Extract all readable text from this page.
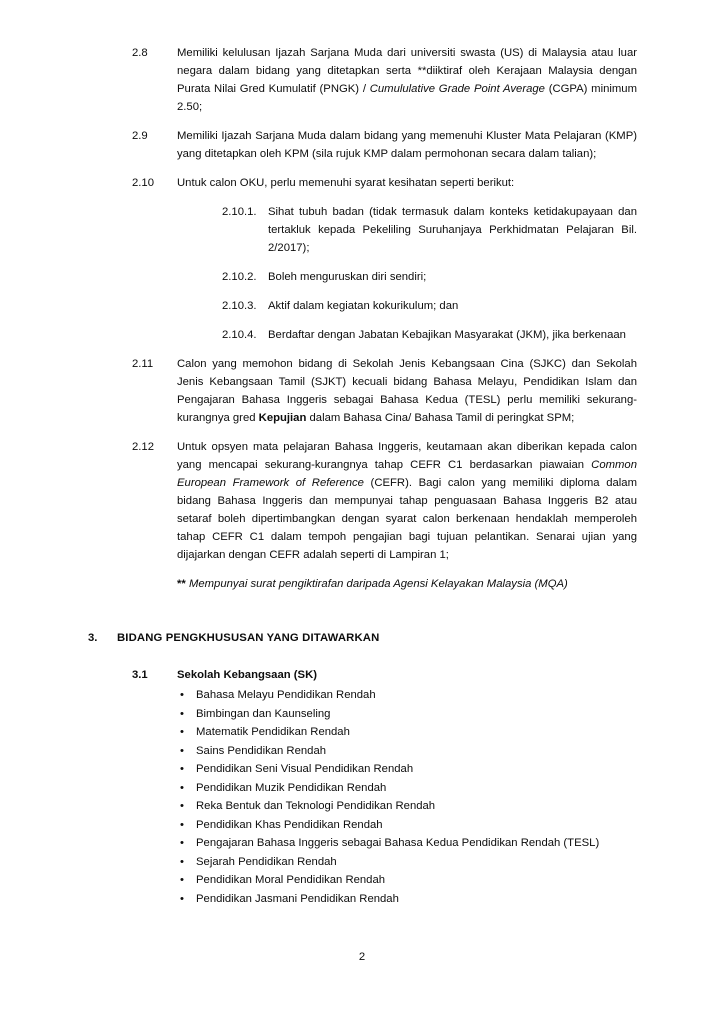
2.8	Memiliki kelulusan Ijazah Sarjana Muda dari universiti swasta (US) di Malaysia atau luar negara dalam bidang yang ditetapkan serta **diiktiraf oleh Kerajaan Malaysia dengan Purata Nilai Gred Kumulatif (PNGK) / Cumululative Grade Point Average (CGPA) minimum 2.50;
2.9	Memiliki Ijazah Sarjana Muda dalam bidang yang memenuhi Kluster Mata Pelajaran (KMP) yang ditetapkan oleh KPM (sila rujuk KMP dalam permohonan secara dalam talian);
2.10	Untuk calon OKU, perlu memenuhi syarat kesihatan seperti berikut:
2.10.1.	Sihat tubuh badan (tidak termasuk dalam konteks ketidakupayaan dan tertakluk kepada Pekeliling Suruhanjaya Perkhidmatan Pelajaran Bil. 2/2017);
2.10.2.	Boleh menguruskan diri sendiri;
2.10.3.	Aktif dalam kegiatan kokurikulum; dan
2.10.4.	Berdaftar dengan Jabatan Kebajikan Masyarakat (JKM), jika berkenaan
2.11	Calon yang memohon bidang di Sekolah Jenis Kebangsaan Cina (SJKC) dan Sekolah Jenis Kebangsaan Tamil (SJKT) kecuali bidang Bahasa Melayu, Pendidikan Islam dan Pengajaran Bahasa Inggeris sebagai Bahasa Kedua (TESL) perlu memiliki sekurang-kurangnya gred Kepujian dalam Bahasa Cina/ Bahasa Tamil di peringkat SPM;
2.12	Untuk opsyen mata pelajaran Bahasa Inggeris, keutamaan akan diberikan kepada calon yang mencapai sekurang-kurangnya tahap CEFR C1 berdasarkan piawaian Common European Framework of Reference (CEFR). Bagi calon yang memiliki diploma dalam bidang Bahasa Inggeris dan mempunyai tahap penguasaan Bahasa Inggeris B2 atau setaraf boleh dipertimbangkan dengan syarat calon berkenaan hendaklah memperoleh tahap CEFR C1 dalam tempoh pengajian bagi tujuan pelantikan. Senarai ujian yang dijajarkan dengan CEFR adalah seperti di Lampiran 1;
** Mempunyai surat pengiktirafan daripada Agensi Kelayakan Malaysia (MQA)
3.	BIDANG PENGKHUSUSAN YANG DITAWARKAN
3.1	Sekolah Kebangsaan (SK)
•	Bahasa Melayu Pendidikan Rendah
•	Bimbingan dan Kaunseling
•	Matematik Pendidikan Rendah
•	Sains Pendidikan Rendah
•	Pendidikan Seni Visual Pendidikan Rendah
•	Pendidikan Muzik Pendidikan Rendah
•	Reka Bentuk dan Teknologi Pendidikan Rendah
•	Pendidikan Khas Pendidikan Rendah
•	Pengajaran Bahasa Inggeris sebagai Bahasa Kedua Pendidikan Rendah (TESL)
•	Sejarah Pendidikan Rendah
•	Pendidikan Moral Pendidikan Rendah
•	Pendidikan Jasmani Pendidikan Rendah
2
